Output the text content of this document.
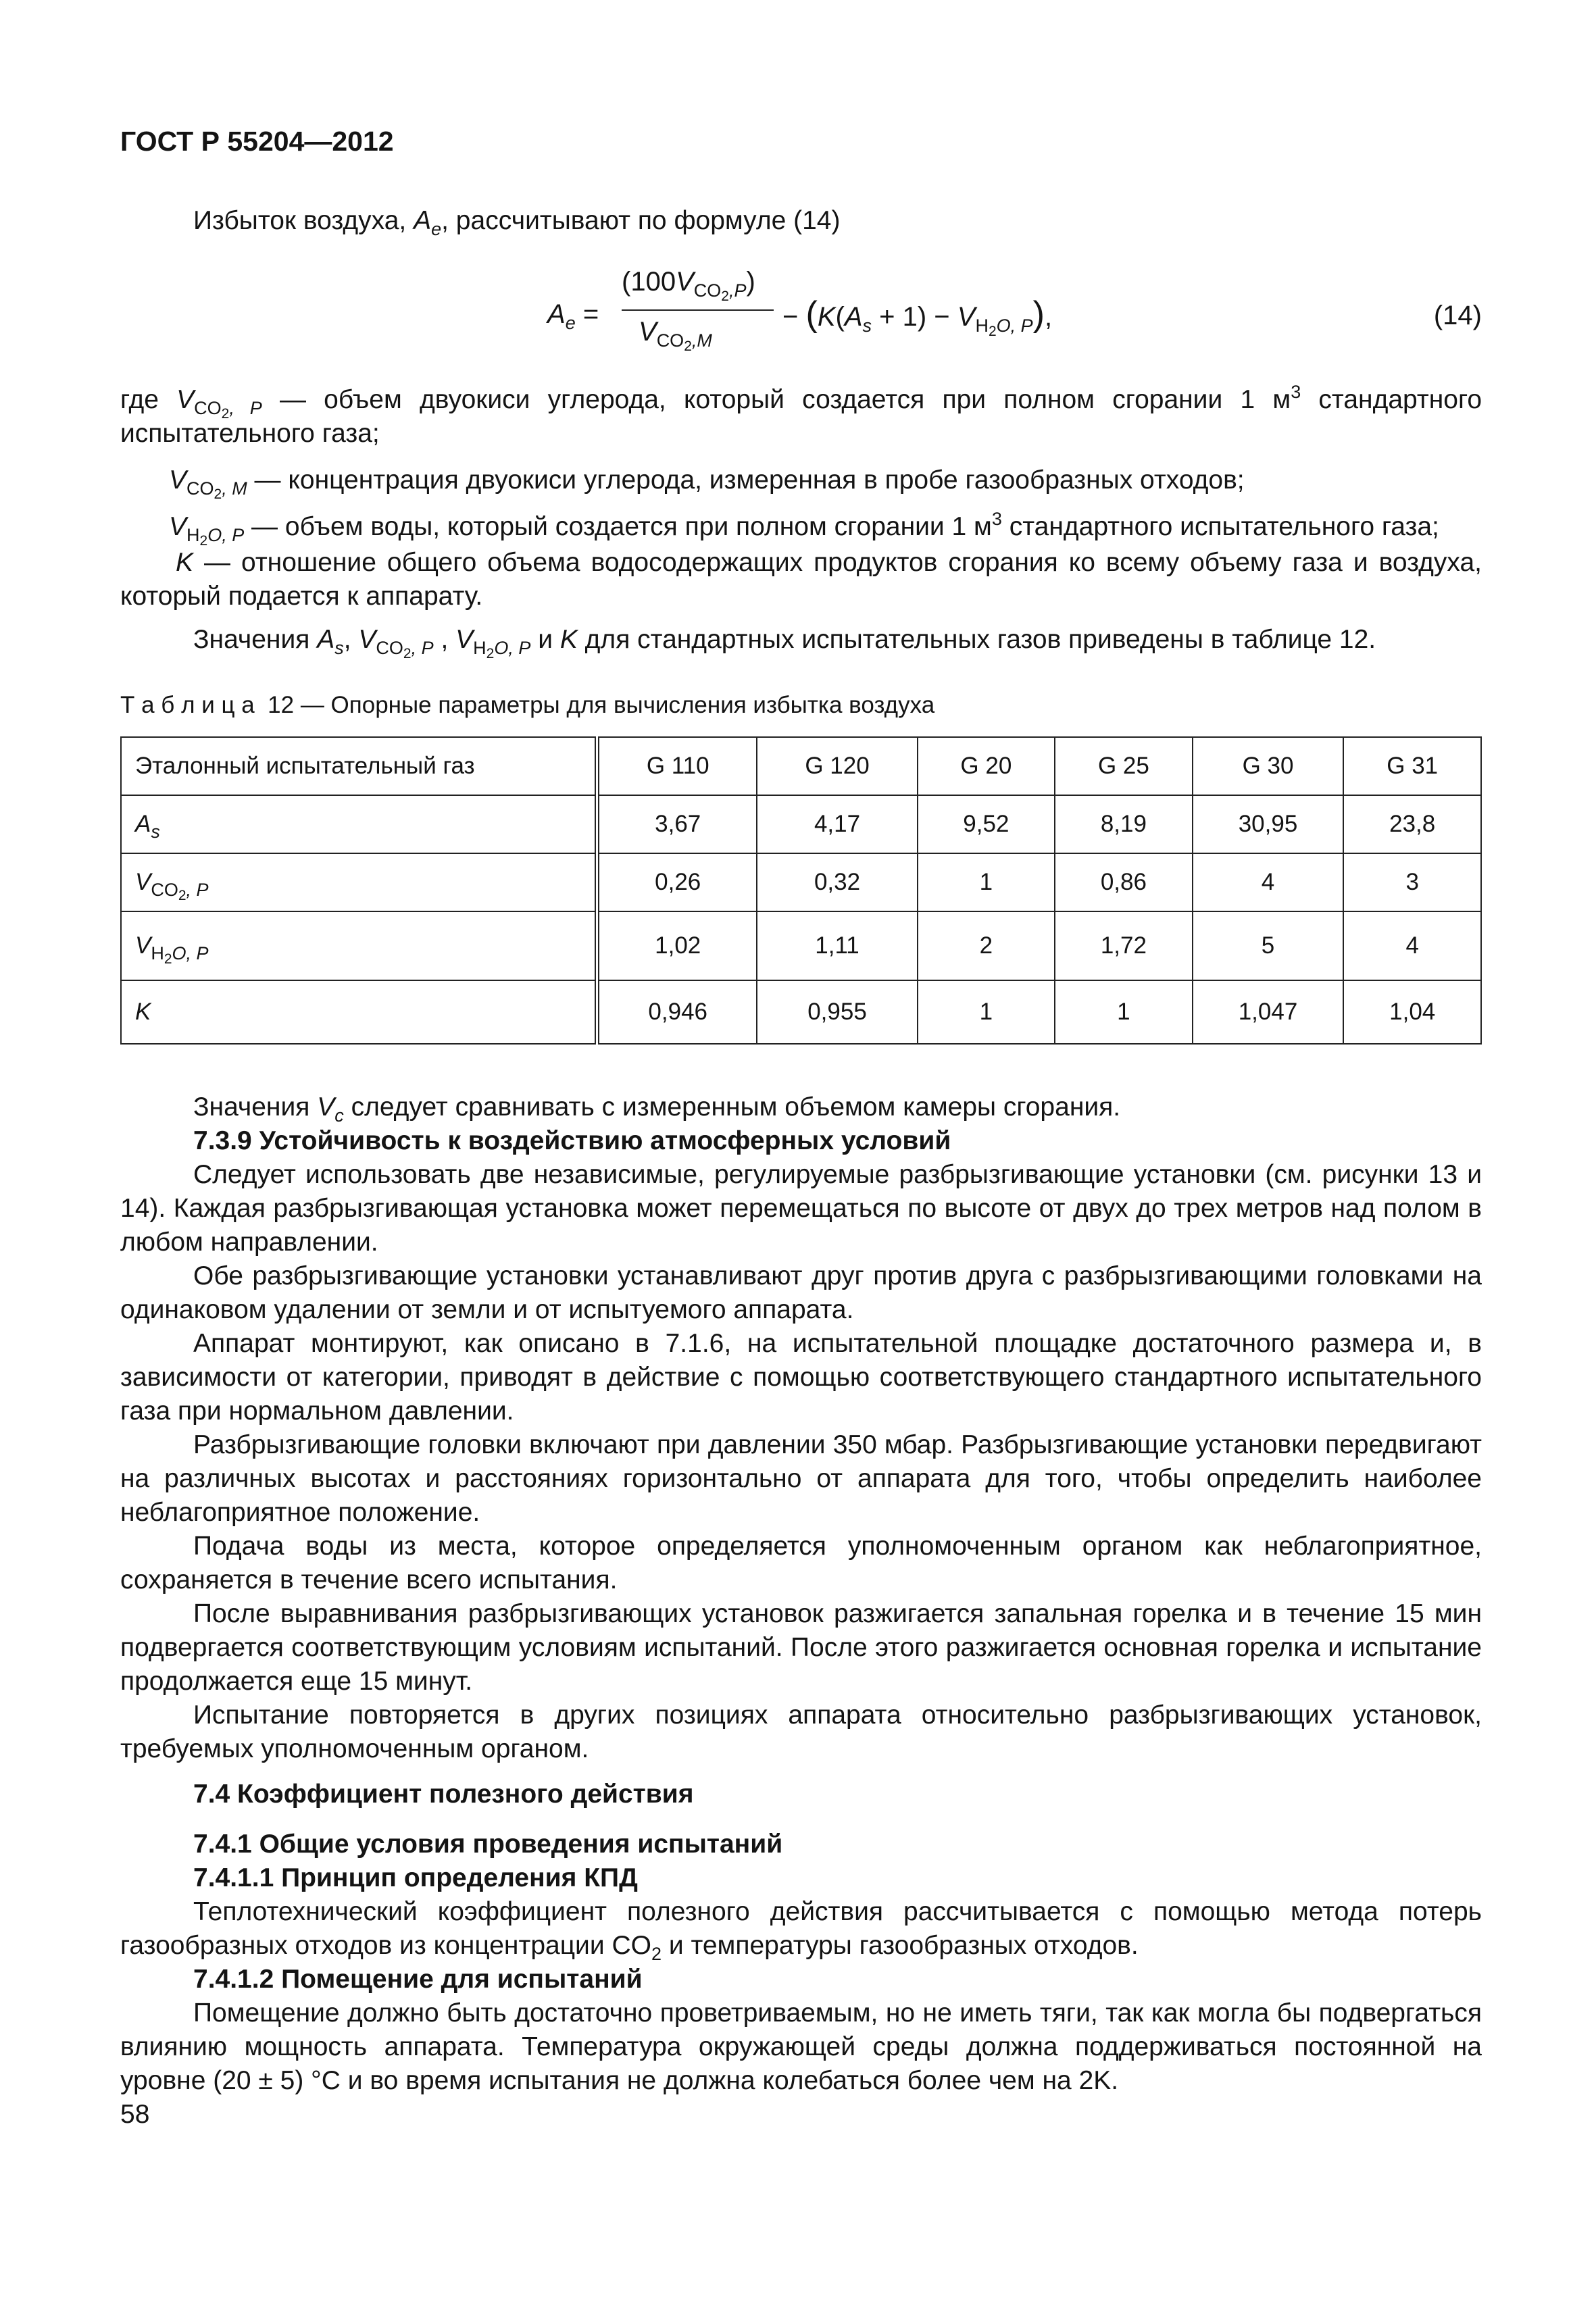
ГОСТ Р 55204—2012

Избыток воздуха, $A_e$, рассчитывают по формуле (14)

$A_e$ =
$(100V_{CO_2,P})$
$V_{CO_2,M}$
− $(K(A_s + 1) - V_{H_2O, P})$,	(14)

где $V_{CO_2, P}$ — объем двуокиси углерода, который создается при полном сгорании 1 $м^3$ стандартного испытательного газа;

$V_{CO_2, M}$ — концентрация двуокиси углерода, измеренная в пробе газообразных отходов;

$V_{H_2O, P}$ — объем воды, который создается при полном сгорании 1 $м^3$ стандартного испытательного газа;

K — отношение общего объема водосодержащих продуктов сгорания ко всему объему газа и воздуха, который подается к аппарату.

Значения $A_s$, $V_{CO_2, P}$ , $V_{H_2O, P}$ и K для стандартных испытательных газов приведены в таблице 12.

Т а б л и ц а  12 — Опорные параметры для вычисления избытка воздуха
Эталонный испытательный газ	G 110	G 120	G 20	G 25	G 30	G 31
$A_s$	3,67	4,17	9,52	8,19	30,95	23,8
$V_{CO_2, P}$	0,26	0,32	1	0,86	4	3
$V_{H_2O, P}$	1,02	1,11	2	1,72	5	4
K	0,946	0,955	1	1	1,047	1,04

Значения $V_c$ следует сравнивать с измеренным объемом камеры сгорания.

7.3.9 Устойчивость к воздействию атмосферных условий

Следует использовать две независимые, регулируемые разбрызгивающие установки (см. рисунки 13 и 14). Каждая разбрызгивающая установка может перемещаться по высоте от двух до трех метров над полом в любом направлении.

Обе разбрызгивающие установки устанавливают друг против друга с разбрызгивающими головками на одинаковом удалении от земли и от испытуемого аппарата.

Аппарат монтируют, как описано в 7.1.6, на испытательной площадке достаточного размера и, в зависимости от категории, приводят в действие с помощью соответствующего стандартного испытательного газа при нормальном давлении.

Разбрызгивающие головки включают при давлении 350 мбар. Разбрызгивающие установки передвигают на различных высотах и расстояниях горизонтально от аппарата для того, чтобы определить наиболее неблагоприятное положение.

Подача воды из места, которое определяется уполномоченным органом как неблагоприятное, сохраняется в течение всего испытания.

После выравнивания разбрызгивающих установок разжигается запальная горелка и в течение 15 мин подвергается соответствующим условиям испытаний. После этого разжигается основная горелка и испытание продолжается еще 15 минут.

Испытание повторяется в других позициях аппарата относительно разбрызгивающих установок, требуемых уполномоченным органом.

7.4 Коэффициент полезного действия

7.4.1 Общие условия проведения испытаний

7.4.1.1 Принцип определения КПД

Теплотехнический коэффициент полезного действия рассчитывается с помощью метода потерь газообразных отходов из концентрации $CO_2$ и температуры газообразных отходов.

7.4.1.2 Помещение для испытаний

Помещение должно быть достаточно проветриваемым, но не иметь тяги, так как могла бы подвергаться влиянию мощность аппарата. Температура окружающей среды должна поддерживаться постоянной на уровне (20 ± 5) °C и во время испытания не должна колебаться более чем на 2K.

58
